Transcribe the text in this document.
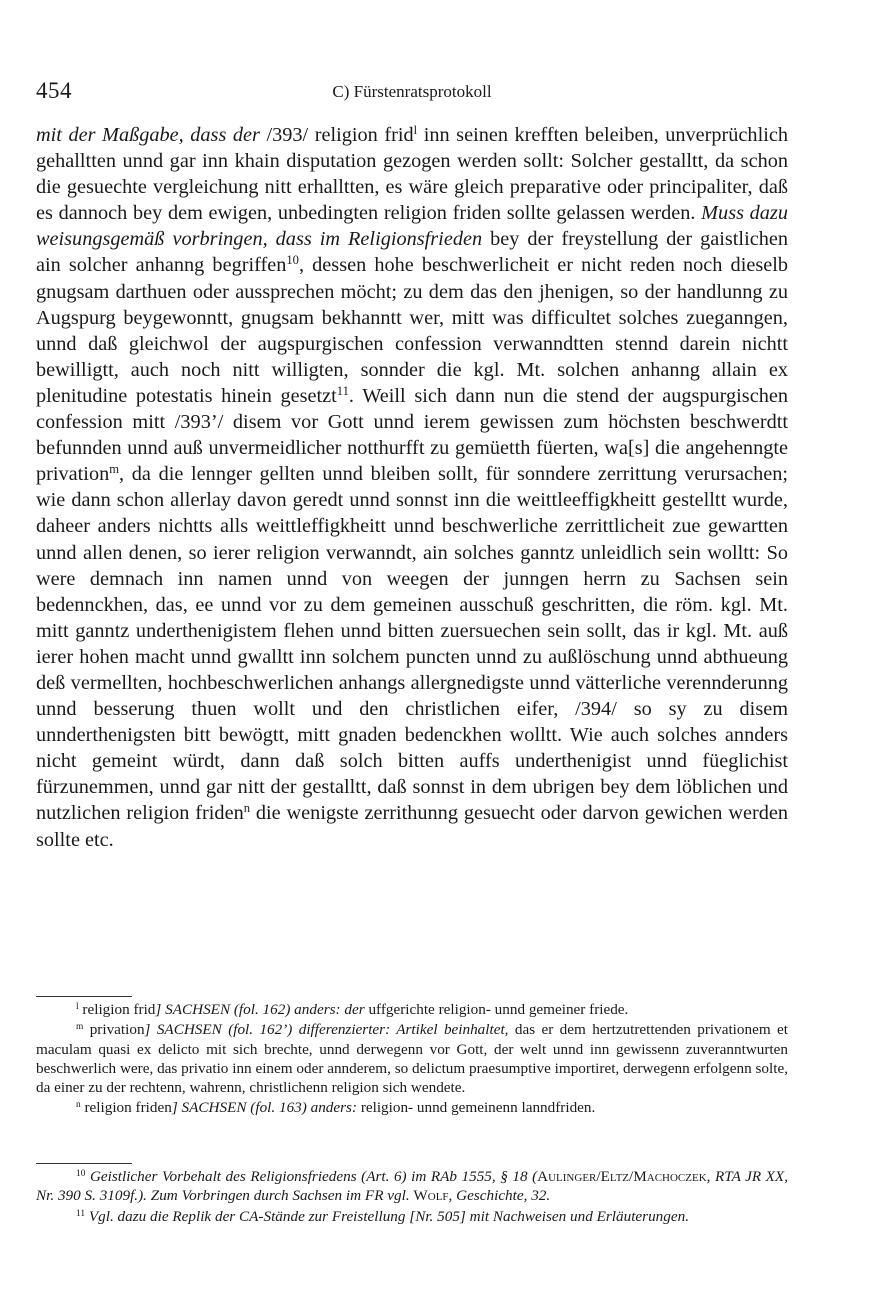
454	C) Fürstenratsprotokoll

mit der Maßgabe, dass der /393/ religion frid$^l$ inn seinen krefften beleiben, unverprüchlich gehalltten unnd gar inn khain disputation gezogen werden sollt: Solcher gestalltt, da schon die gesuechte vergleichung nitt erhalltten, es wäre gleich preparative oder principaliter, daß es dannoch bey dem ewigen, unbedingten religion friden sollte gelassen werden. Muss dazu weisungsgemäß vorbringen, dass im Religionsfrieden bey der freystellung der gaistlichen ain solcher anhanng begriffen$^{10}$, dessen hohe beschwerlicheit er nicht reden noch dieselb gnugsam darthuen oder aussprechen möcht; zu dem das den jhenigen, so der handlunng zu Augspurg beygewonntt, gnugsam bekhanntt wer, mitt was difficultet solches zueganngen, unnd daß gleichwol der augspurgischen confession verwanndtten stennd darein nichtt bewilligtt, auch noch nitt willigten, sonnder die kgl. Mt. solchen anhanng allain ex plenitudine potestatis hinein gesetzt$^{11}$. Weill sich dann nun die stend der augspurgischen confession mitt /393’/ disem vor Gott unnd ierem gewissen zum höchsten beschwerdtt befunnden unnd auß unvermeidlicher notthurfft zu gemüetth füerten, wa[s] die angehenngte privation$^m$, da die lennger gellten unnd bleiben sollt, für sonndere zerrittung verursachen; wie dann schon allerlay davon geredt unnd sonnst inn die weittleeffigkheitt gestelltt wurde, daheer anders nichtts alls weittleffigkheitt unnd beschwerliche zerrittlicheit zue gewartten unnd allen denen, so ierer religion verwanndt, ain solches ganntz unleidlich sein wolltt: So were demnach inn namen unnd von weegen der junngen herrn zu Sachsen sein bedennckhen, das, ee unnd vor zu dem gemeinen ausschuß geschritten, die röm. kgl. Mt. mitt ganntz underthenigistem flehen unnd bitten zuersuechen sein sollt, das ir kgl. Mt. auß ierer hohen macht unnd gwalltt inn solchem puncten unnd zu außlöschung unnd abthueung deß vermellten, hochbeschwerlichen anhangs allergnedigste unnd vätterliche verennderunng unnd besserung thuen wollt und den christlichen eifer, /394/ so sy zu disem unnderthenigsten bitt bewögtt, mitt gnaden bedenckhen wolltt. Wie auch solches annders nicht gemeint würdt, dann daß solch bitten auffs underthenigist unnd füeglichist fürzunemmen, unnd gar nitt der gestalltt, daß sonnst in dem ubrigen bey dem löblichen und nutzlichen religion friden$^n$ die wenigste zerrithunng gesuecht oder darvon gewichen werden sollte etc.

$^l$ religion frid] SACHSEN (fol. 162) anders: der uffgerichte religion- unnd gemeiner friede.

$^m$ privation] SACHSEN (fol. 162’) differenzierter: Artikel beinhaltet, das er dem hertzutrettenden privationem et maculam quasi ex delicto mit sich brechte, unnd derwegenn vor Gott, der welt unnd inn gewissenn zuveranntwurten beschwerlich were, das privatio inn einem oder annderem, so delictum praesumptive importiret, derwegenn erfolgenn solte, da einer zu der rechtenn, wahrenn, christlichenn religion sich wendete.

$^n$ religion friden] SACHSEN (fol. 163) anders: religion- unnd gemeinenn lanndfriden.

$^{10}$ Geistlicher Vorbehalt des Religionsfriedens (Art. 6) im RAb 1555, § 18 (Aulinger/Eltz/Machoczek, RTA JR XX, Nr. 390 S. 3109f.). Zum Vorbringen durch Sachsen im FR vgl. Wolf, Geschichte, 32.

$^{11}$ Vgl. dazu die Replik der CA-Stände zur Freistellung [Nr. 505] mit Nachweisen und Erläuterungen.
